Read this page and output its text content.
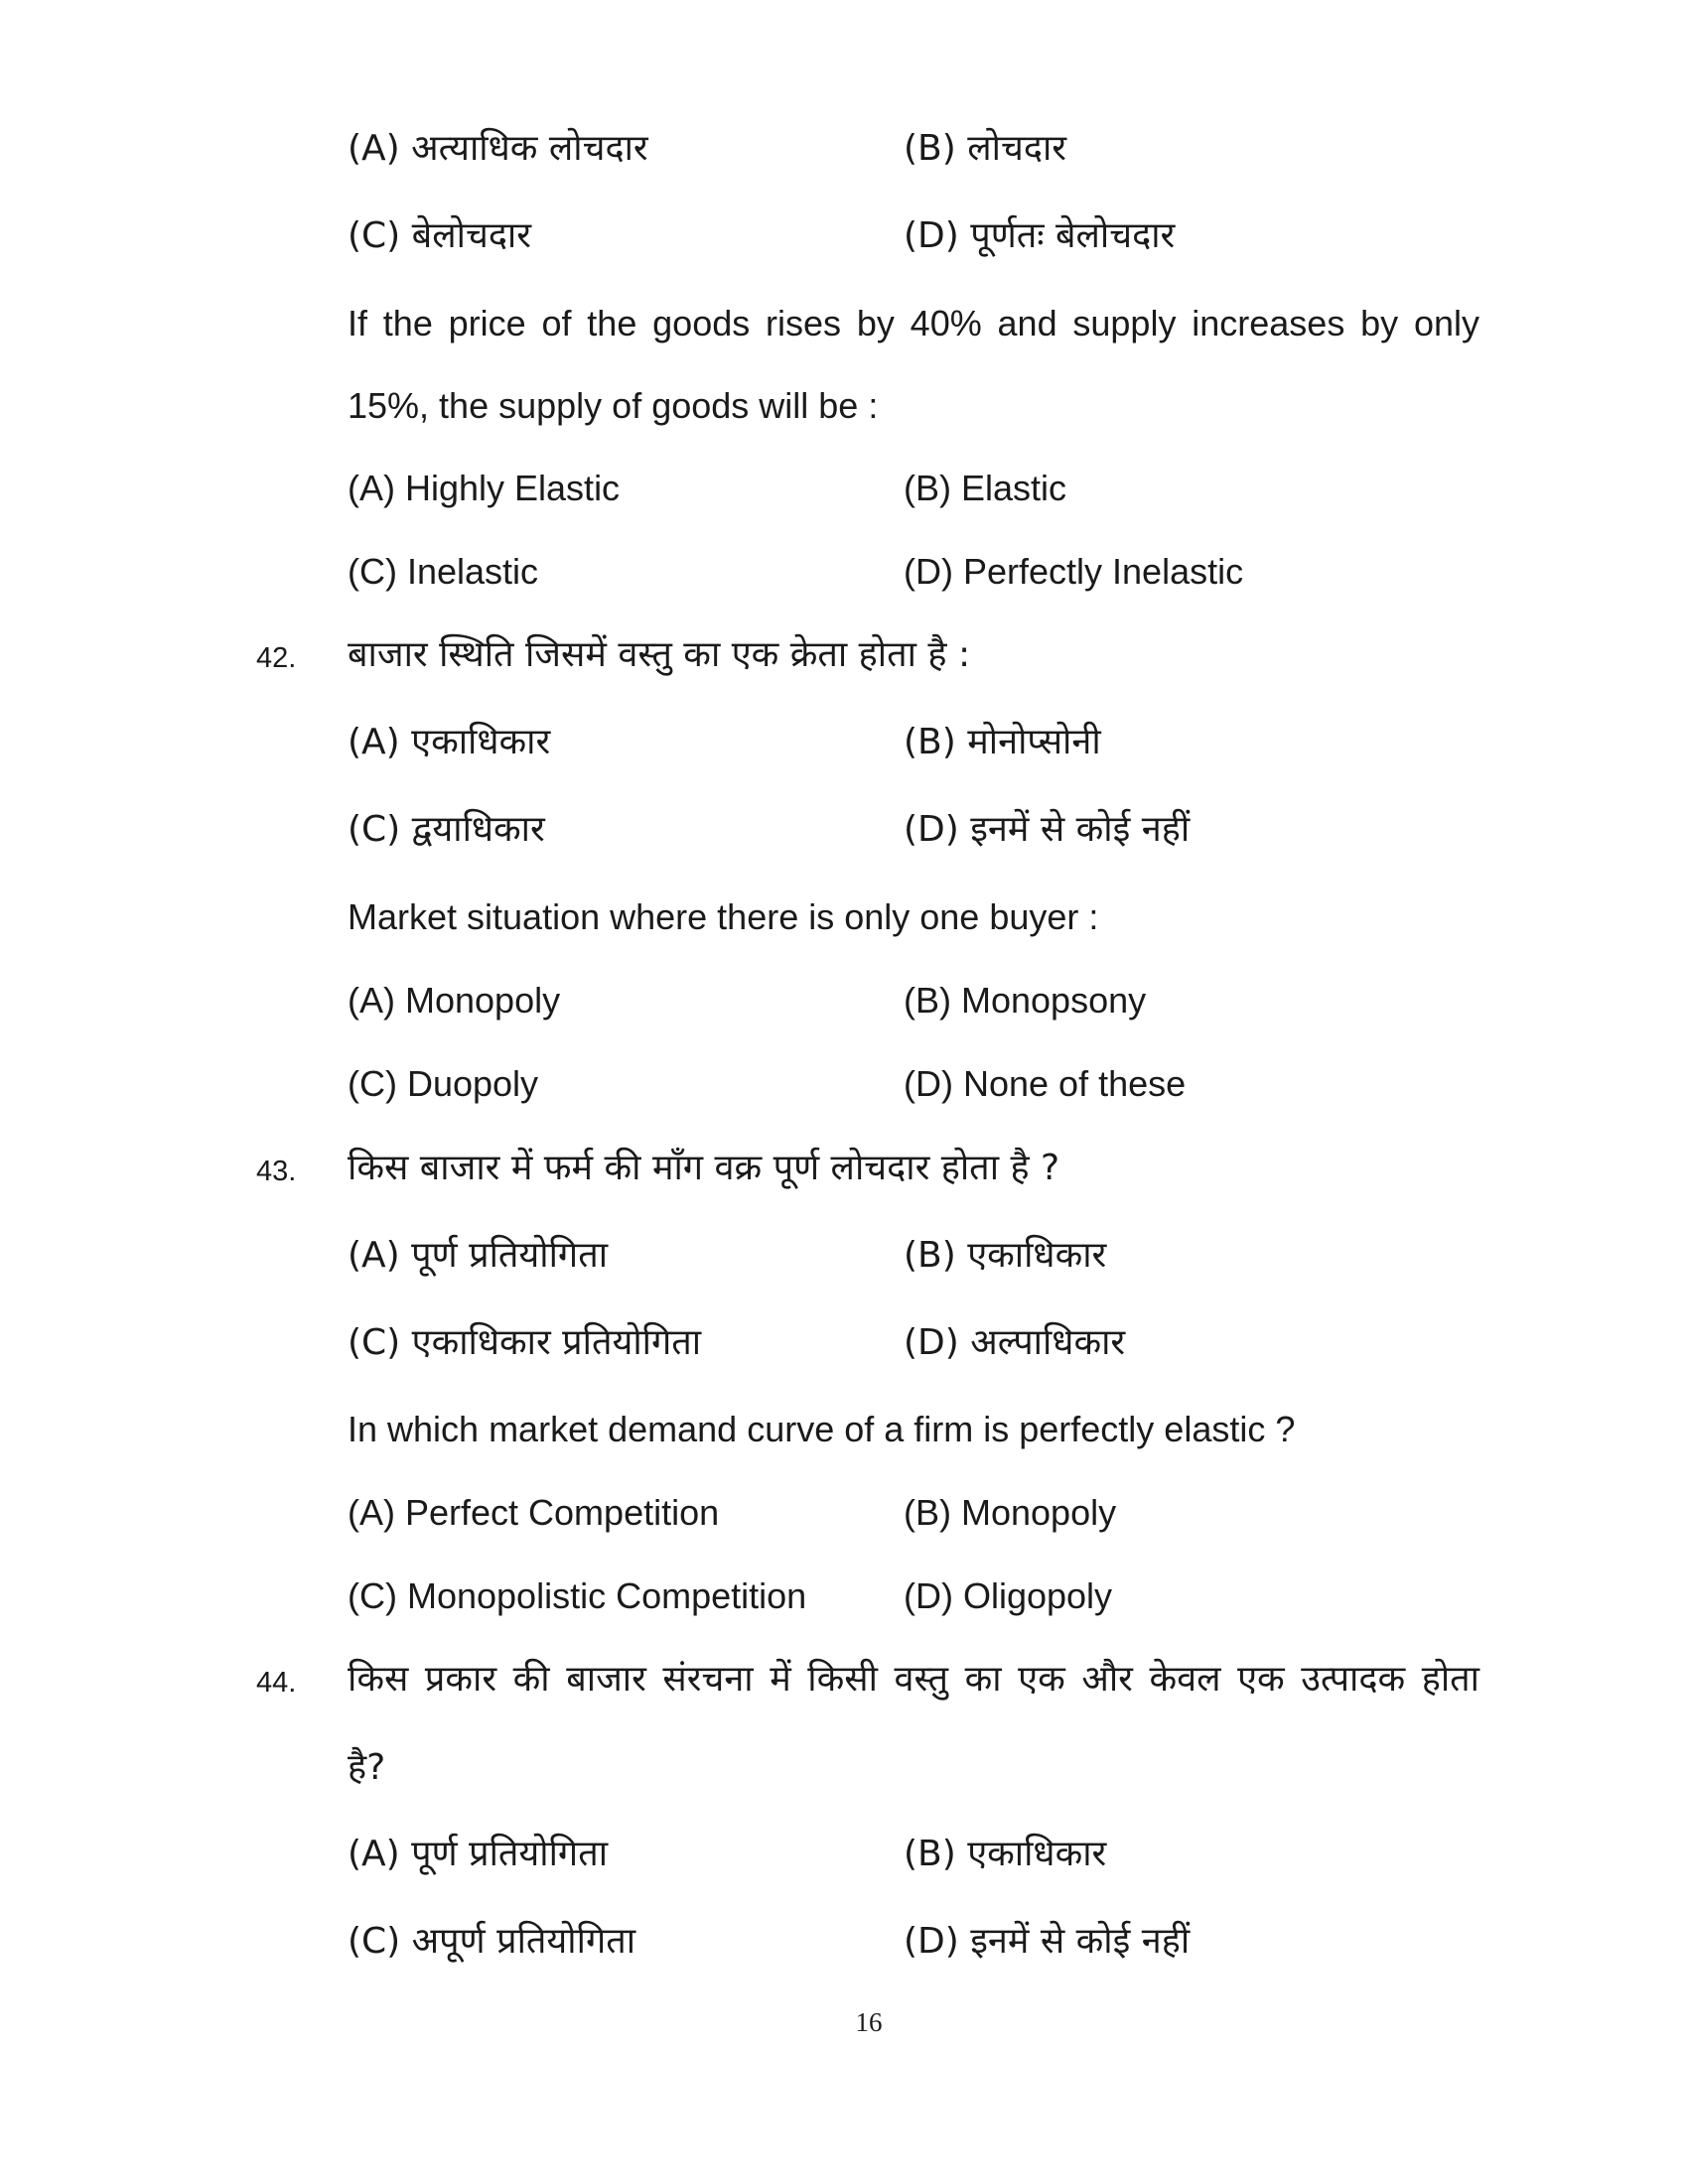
(A) अत्याधिक लोचदार	(B) लोचदार
(C) बेलोचदार	(D) पूर्णतः बेलोचदार
If the price of the goods rises by 40% and supply increases by only
15%, the supply of goods will be :
(A) Highly Elastic	(B) Elastic
(C) Inelastic	(D) Perfectly Inelastic
42. बाजार स्थिति जिसमें वस्तु का एक क्रेता होता है :
(A) एकाधिकार	(B) मोनोप्सोनी
(C) द्वयाधिकार	(D) इनमें से कोई नहीं
Market situation where there is only one buyer :
(A) Monopoly	(B) Monopsony
(C) Duopoly	(D) None of these
43. किस बाजार में फर्म की माँग वक्र पूर्ण लोचदार होता है ?
(A) पूर्ण प्रतियोगिता	(B) एकाधिकार
(C) एकाधिकार प्रतियोगिता	(D) अल्पाधिकार
In which market demand curve of a firm is perfectly elastic ?
(A) Perfect Competition	(B) Monopoly
(C) Monopolistic Competition	(D) Oligopoly
44. किस प्रकार की बाजार संरचना में किसी वस्तु का एक और केवल एक उत्पादक होता
है?
(A) पूर्ण प्रतियोगिता	(B) एकाधिकार
(C) अपूर्ण प्रतियोगिता	(D) इनमें से कोई नहीं
16
